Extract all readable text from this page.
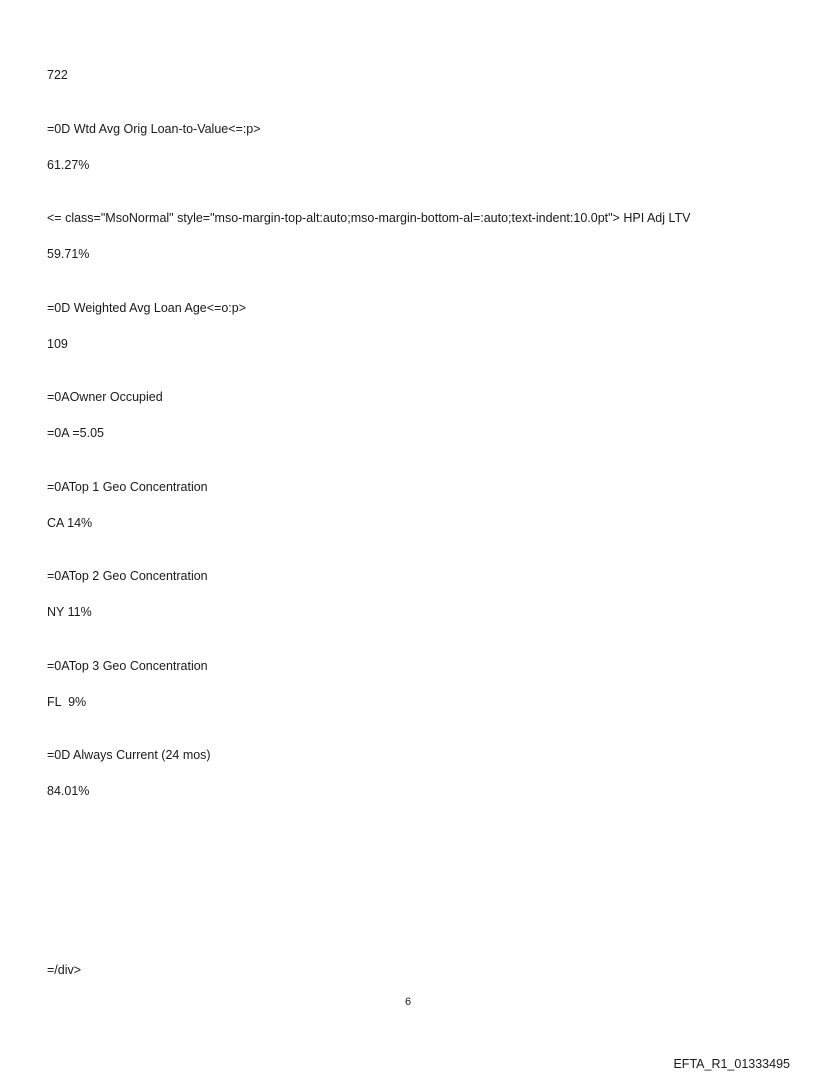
722
=0D Wtd Avg Orig Loan-to-Value<=:p>
61.27%
<= class="MsoNormal" style="mso-margin-top-alt:auto;mso-margin-bottom-al=:auto;text-indent:10.0pt"> HPI Adj LTV
59.71%
=0D Weighted Avg Loan Age<=o:p>
109
=0AOwner Occupied
=0A =5.05
=0ATop 1 Geo Concentration
CA 14%
=0ATop 2 Geo Concentration
NY 11%
=0ATop 3 Geo Concentration
FL  9%
=0D Always Current (24 mos)
84.01%
=/div>
6
EFTA_R1_01333495
